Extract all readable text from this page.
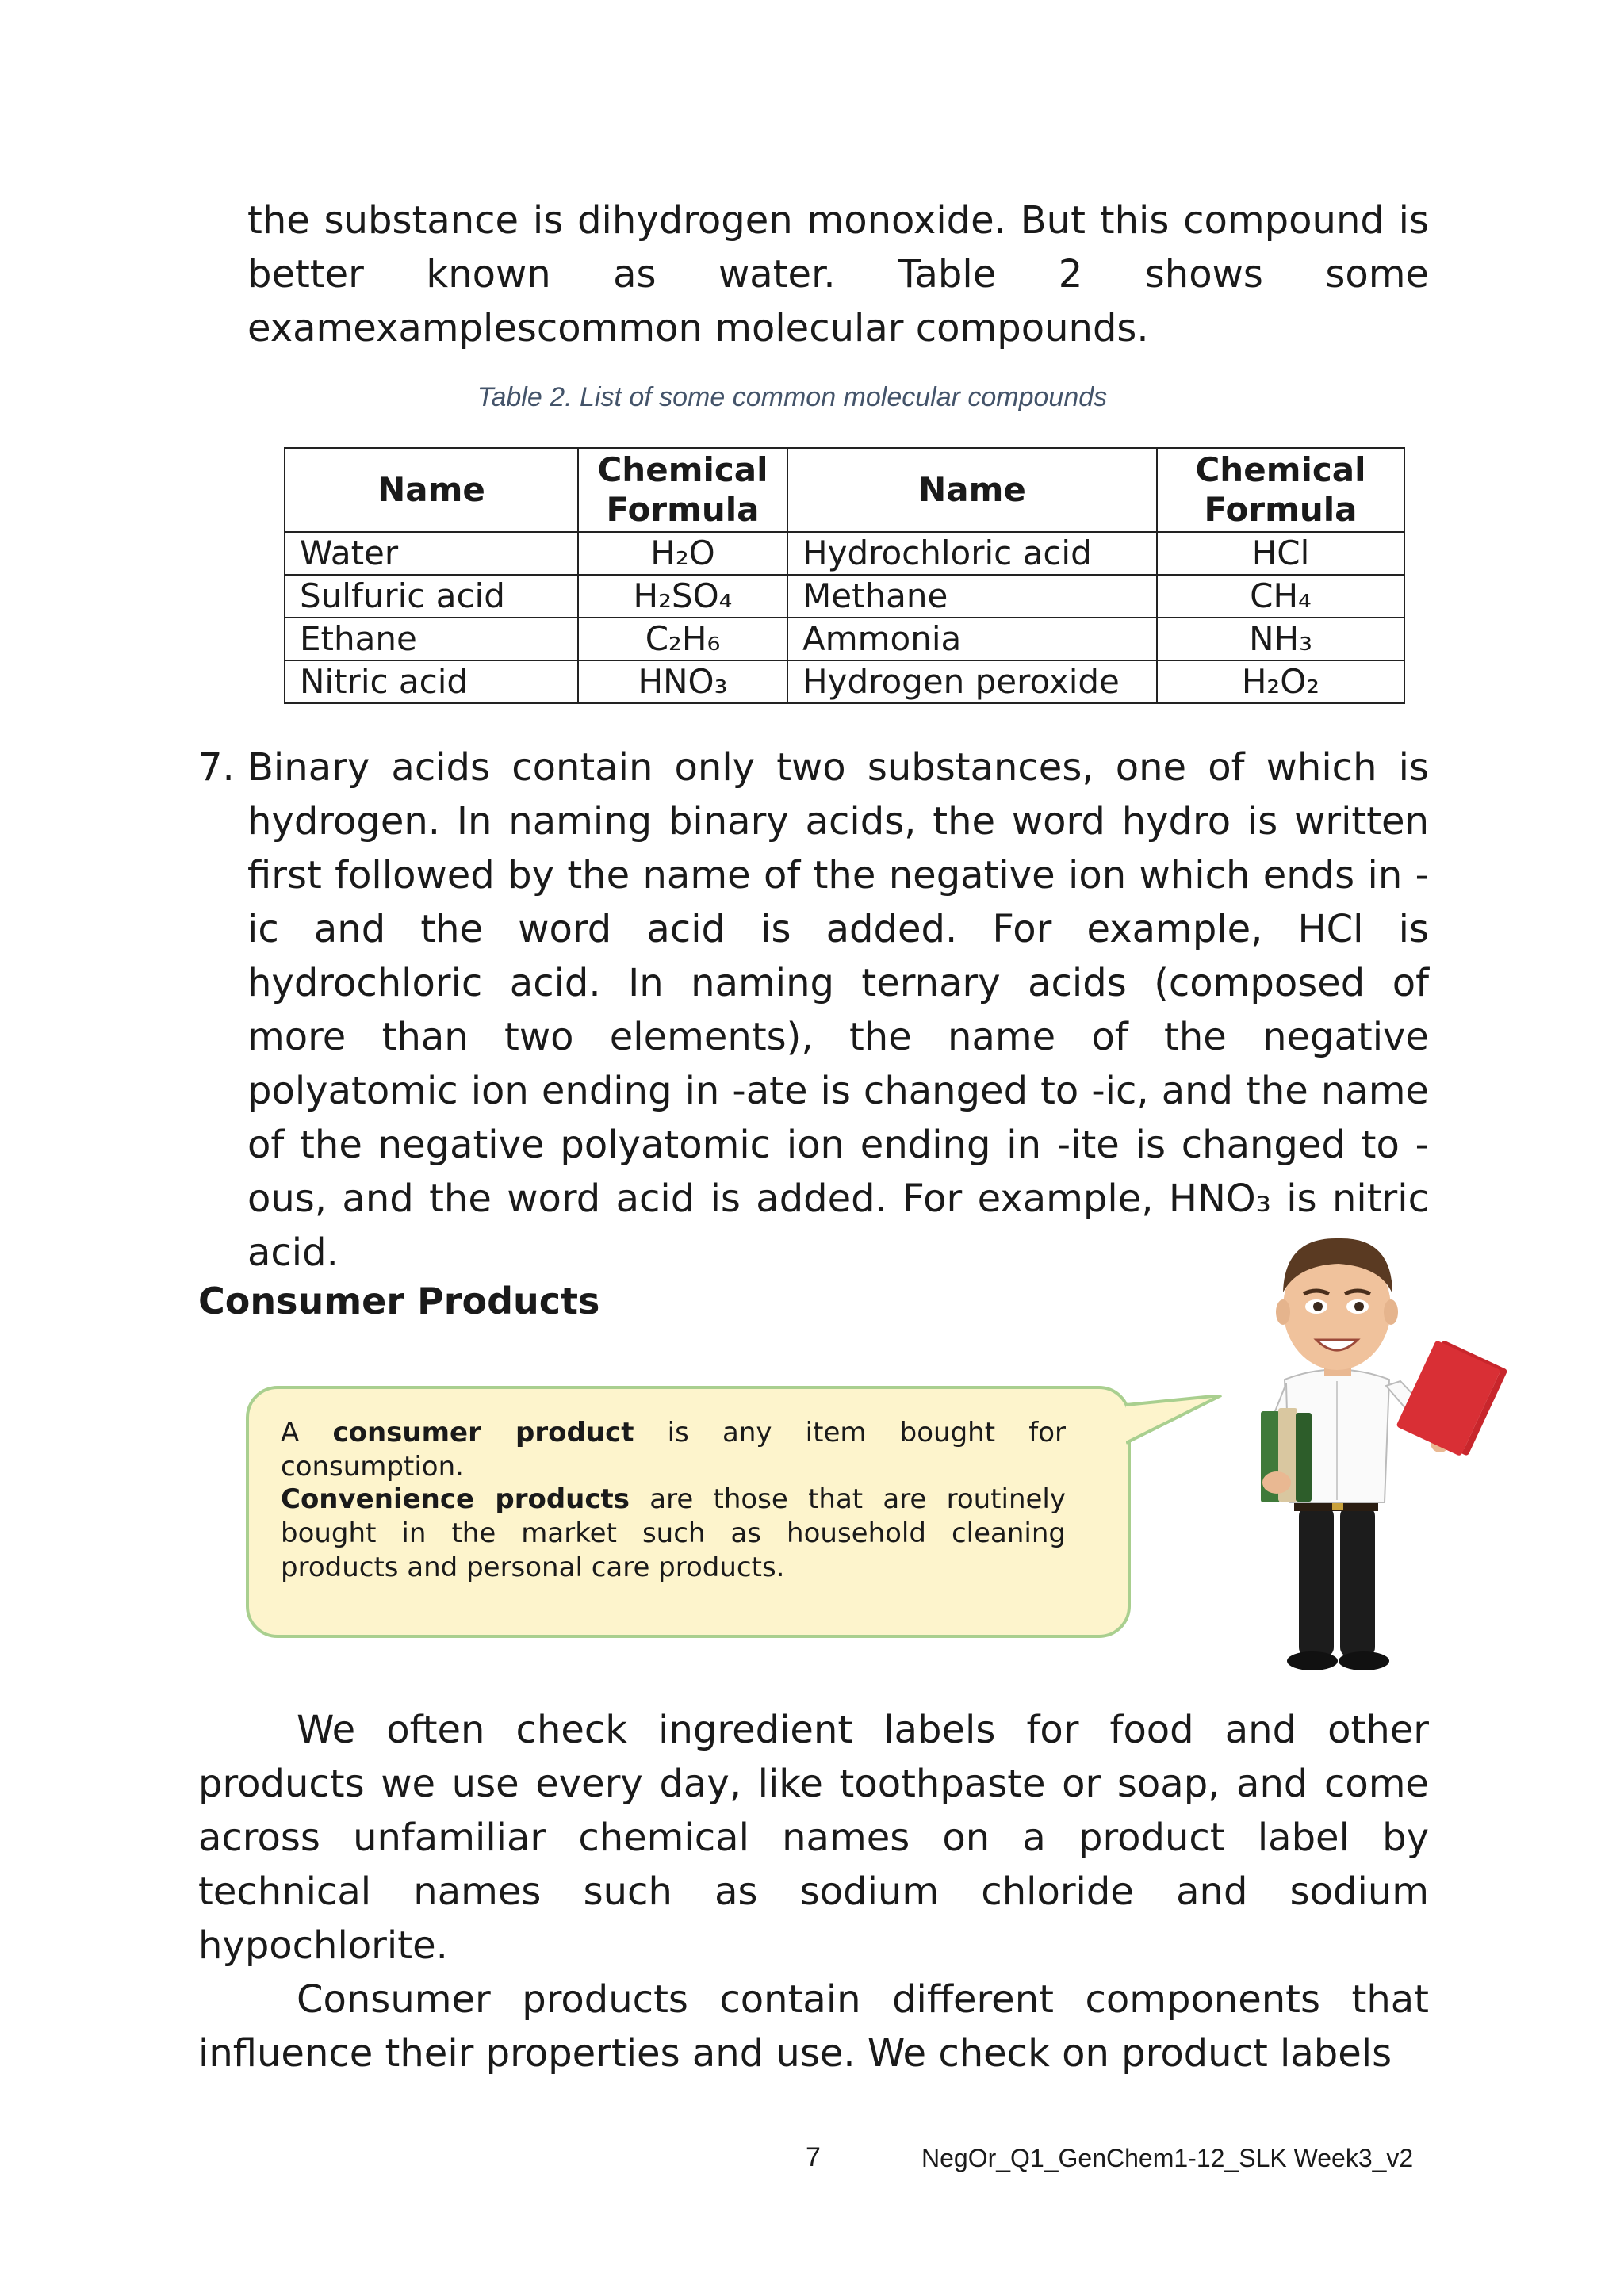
the substance is dihydrogen monoxide. But this compound is
better known as water. Table 2 shows some
examexamplescommon molecular compounds.
Table 2. List of some common molecular compounds
Name	Chemical Formula	Name	Chemical Formula
Water	H₂O	Hydrochloric acid	HCl
Sulfuric acid	H₂SO₄	Methane	CH₄
Ethane	C₂H₆	Ammonia	NH₃
Nitric acid	HNO₃	Hydrogen peroxide	H₂O₂
7. Binary acids contain only two substances, one of which is hydrogen. In naming binary acids, the word hydro is written first followed by the name of the negative ion which ends in -ic and the word acid is added. For example, HCl is hydrochloric acid. In naming ternary acids (composed of more than two elements), the name of the negative polyatomic ion ending in -ate is changed to -ic, and the name of the negative polyatomic ion ending in -ite is changed to -ous, and the word acid is added. For example, HNO₃ is nitric acid.
Consumer Products

A consumer product is any item bought for consumption.

Convenience products are those that are routinely bought in the market such as household cleaning products and personal care products.

We often check ingredient labels for food and other products we use every day, like toothpaste or soap, and come across unfamiliar chemical names on a product label by technical names such as sodium chloride and sodium hypochlorite.

Consumer products contain different components that influence their properties and use. We check on product labels

7	NegOr_Q1_GenChem1-12_SLK Week3_v2
